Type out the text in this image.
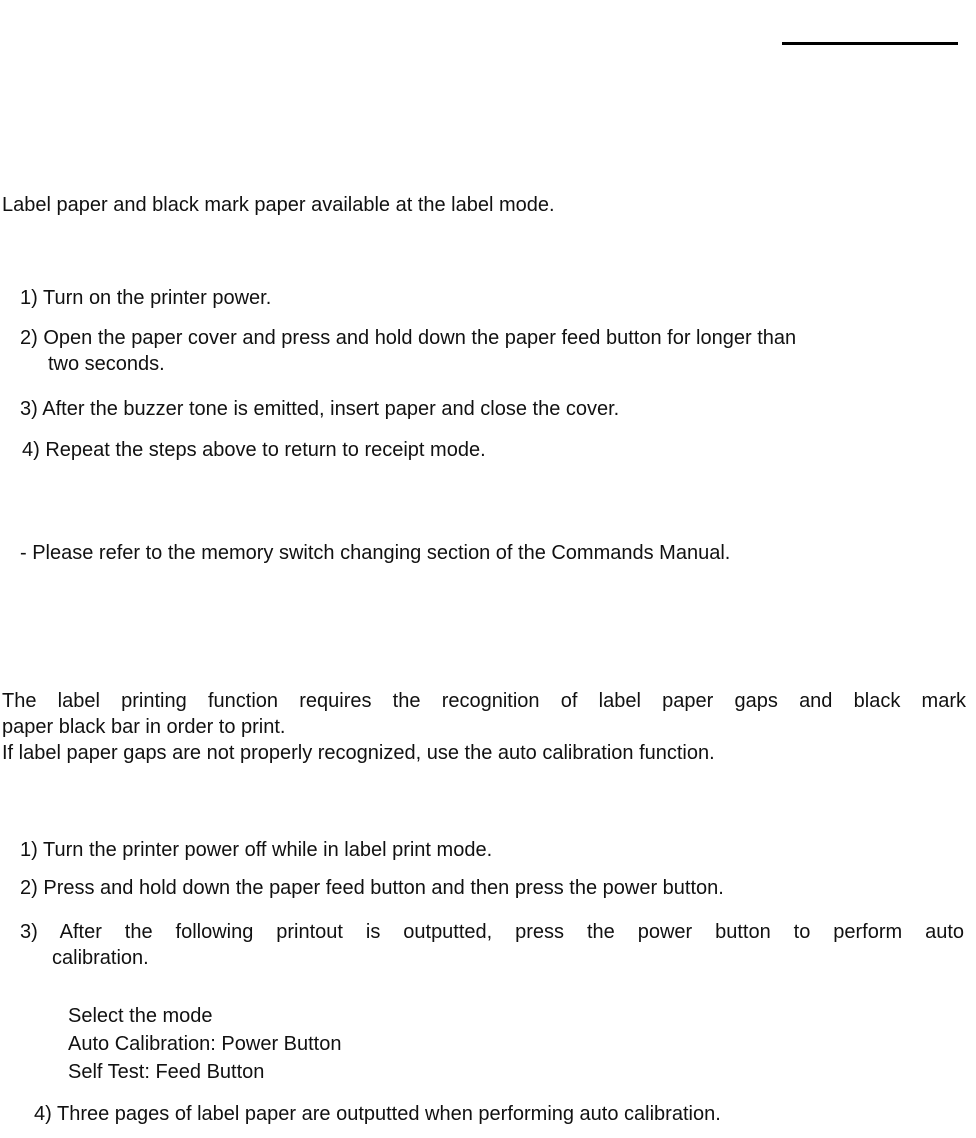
Label paper and black mark paper available at the label mode.

1) Turn on the printer power.
2) Open the paper cover and press and hold down the paper feed button for longer than
two seconds.
3) After the buzzer tone is emitted, insert paper and close the cover.
4) Repeat the steps above to return to receipt mode.

- Please refer to the memory switch changing section of the Commands Manual.

The label printing function requires the recognition of label paper gaps and black mark
paper black bar in order to print.
If label paper gaps are not properly recognized, use the auto calibration function.
1) Turn the printer power off while in label print mode.
2) Press and hold down the paper feed button and then press the power button.
3) After the following printout is outputted, press the power button to perform auto
calibration.
Select the mode
Auto Calibration: Power Button
Self Test: Feed Button
4) Three pages of label paper are outputted when performing auto calibration.
